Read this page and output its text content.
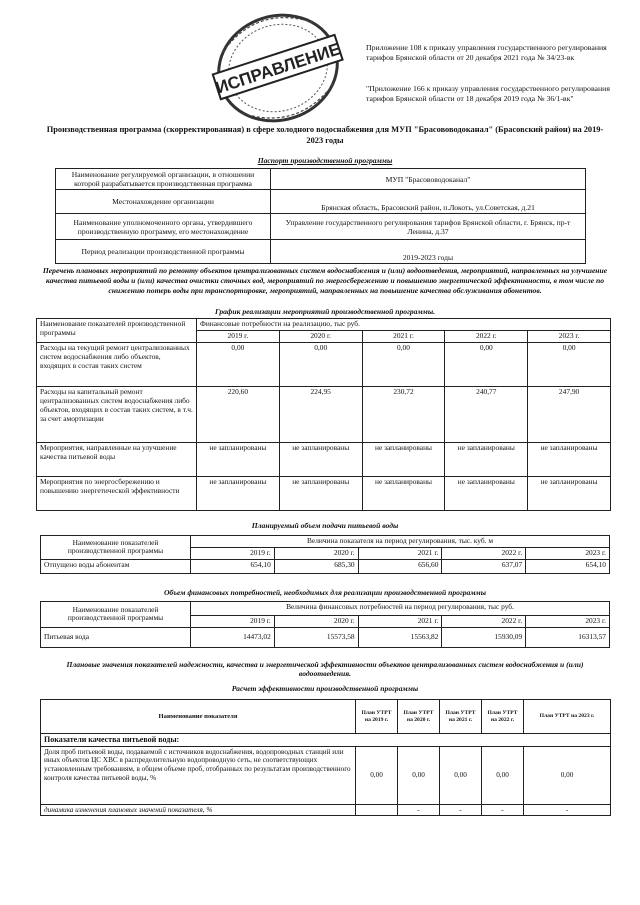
ИСПРАВЛЕНИЕ	Приложение 108 к приказу управления государственного регулирования тарифов Брянской области от 20 декабря 2021 года № 34/23-вк
"Приложение 166 к приказу управления государственного регулирования тарифов Брянской области от 18 декабря 2019 года № 36/1-вк"
Производственная программа (скорректированная) в сфере холодного водоснабжения для МУП "Брасововодоканал" (Брасовский район) на 2019-2023 годы
Паспорт производственной программы
Наименование регулируемой организации, в отношении которой разрабатывается производственная программа	МУП "Брасововодоканал"
Местонахождение организации	Брянская область, Брасовский район, п.Локоть, ул.Советская, д.21
Наименование уполномоченного органа, утвердившего производственную программу, его местонахождение	Управление государственного регулирования тарифов Брянской области, г. Брянск, пр-т Ленина, д.37
Период реализации производственной программы	2019-2023 годы
Перечень плановых мероприятий по ремонту объектов централизованных систем водоснабжения и (или) водоотведения, мероприятий, направленных на улучшение качества питьевой воды и (или) качества очистки сточных вод, мероприятий по энергосбережению и повышению энергетической эффективности, в том числе по снижению потерь воды при транспортировке, мероприятий, направленных на повышение качества обслуживания абонентов.
График реализации мероприятий производственной программы.
Наименование показателей производственной программы	Финансовые потребности на реализацию, тыс руб.				
	2019 г.	2020 г.	2021 г.	2022 г.	2023 г.
Расходы на текущий ремонт централизованных систем водоснабжения либо объектов, входящих в состав таких систем	0,00	0,00	0,00	0,00	0,00
Расходы на капитальный ремонт централизованных систем водоснабжения либо объектов, входящих в состав таких систем, в т.ч. за счет амортизации	220,60	224,95	230,72	240,77	247,90
Мероприятия, направленные на улучшение качества питьевой воды	не запланированы	не запланированы	не запланированы	не запланированы	не запланированы
Мероприятия по энергосбережению и повышению энергетической эффективности	не запланированы	не запланированы	не запланированы	не запланированы	не запланированы
Планируемый объем подачи питьевой воды
Наименование показателей производственной программы	Величина показателя на период регулирования, тыс. куб. м				
	2019 г.	2020 г.	2021 г.	2022 г.	2023 г.
Отпущено воды абонентам	654,10	685,30	656,60	637,07	654,10
Объем финансовых потребностей, необходимых для реализации производственной программы
Наименование показателей производственной программы	Величина финансовых потребностей на период регулирования, тыс руб.				
	2019 г.	2020 г.	2021 г.	2022 г.	2023 г.
Питьевая вода	14473,02	15573,58	15563,82	15930,09	16313,57
Плановые значения показателей надежности, качества и энергетической эффективности объектов централизованных систем водоснабжения и (или) водоотведения.
Расчет эффективности производственной программы
Наименование показателя	План УТРТ на 2019 г.	План УТРТ на 2020 г.	План УТРТ на 2021 г.	План УТРТ на 2022 г.	План УТРТ на 2023 г.
Показатели качества питьевой воды:					
Доля проб питьевой воды, подаваемой с источников водоснабжения, водопроводных станций или иных объектов ЦС ХВС в распределительную водопроводную сеть, не соответствующих установленным требованиям, в общем объеме проб, отобранных по результатам производственного контроля качества питьевой воды, %	0,00	0,00	0,00	0,00	0,00
динамика изменения плановых значений показателя, %		-	-	-	-
